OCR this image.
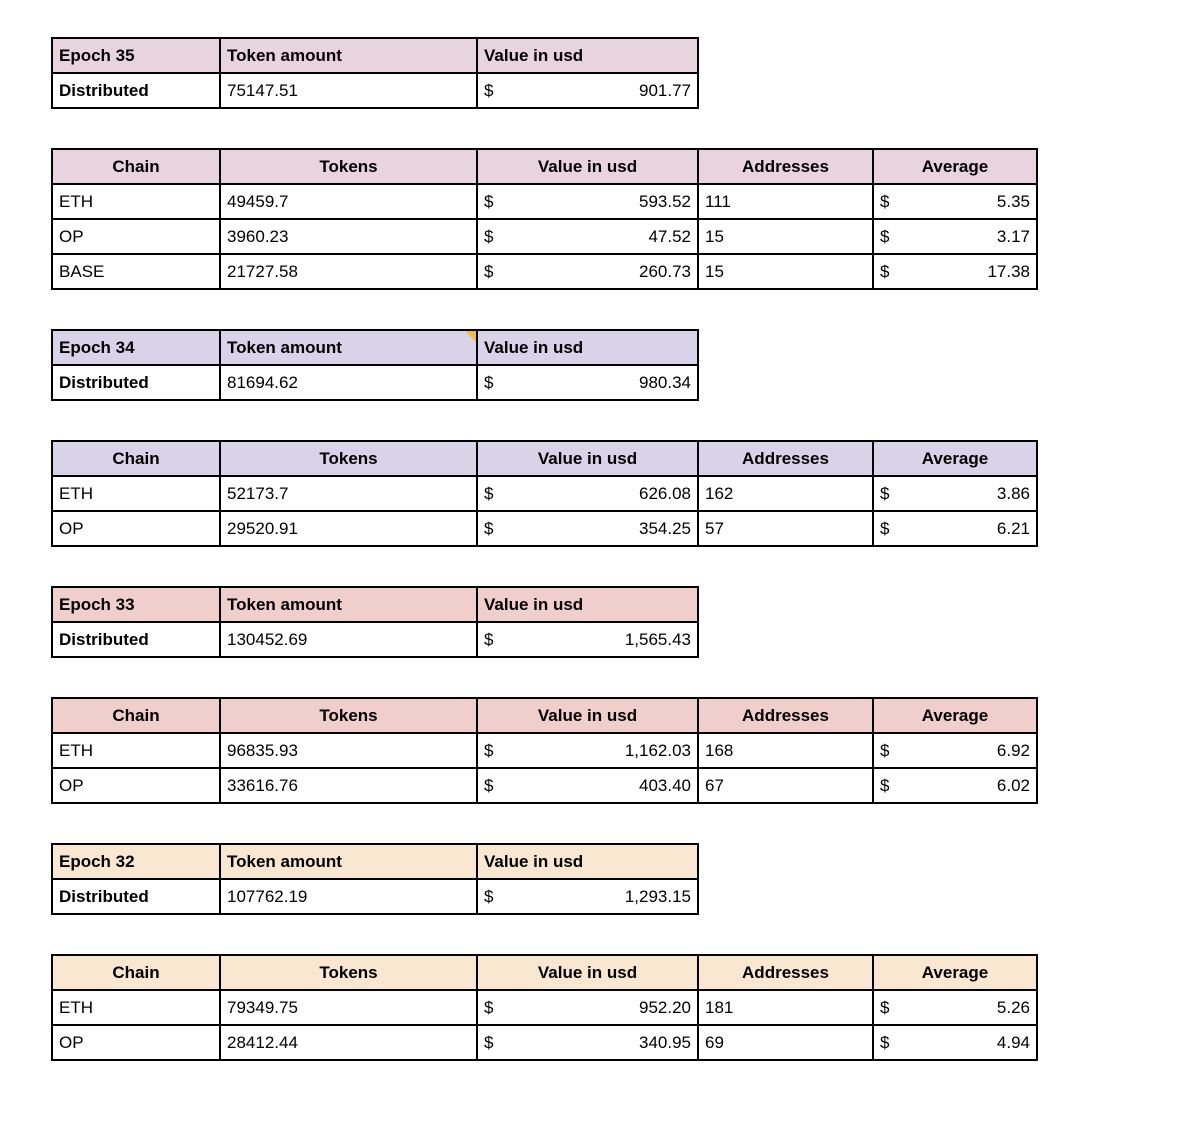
Epoch 35	Token amount	Value in usd
Distributed	75147.51	$ 901.77
Chain	Tokens	Value in usd	Addresses	Average
ETH	49459.7	$ 593.52	111	$ 5.35

OP	3960.23	$ 47.52	15	$ 3.17

BASE	21727.58	$ 260.73	15	$ 17.38
Epoch 34	Token amount	Value in usd
Distributed	81694.62	$ 980.34
Chain	Tokens	Value in usd	Addresses	Average
ETH	52173.7	$ 626.08	162	$ 3.86

OP	29520.91	$ 354.25	57	$ 6.21
Epoch 33	Token amount	Value in usd
Distributed	130452.69	$ 1,565.43
Chain	Tokens	Value in usd	Addresses	Average
ETH	96835.93	$ 1,162.03	168	$ 6.92

OP	33616.76	$ 403.40	67	$ 6.02
Epoch 32	Token amount	Value in usd
Distributed	107762.19	$ 1,293.15
Chain	Tokens	Value in usd	Addresses	Average
ETH	79349.75	$ 952.20	181	$ 5.26

OP	28412.44	$ 340.95	69	$ 4.94
